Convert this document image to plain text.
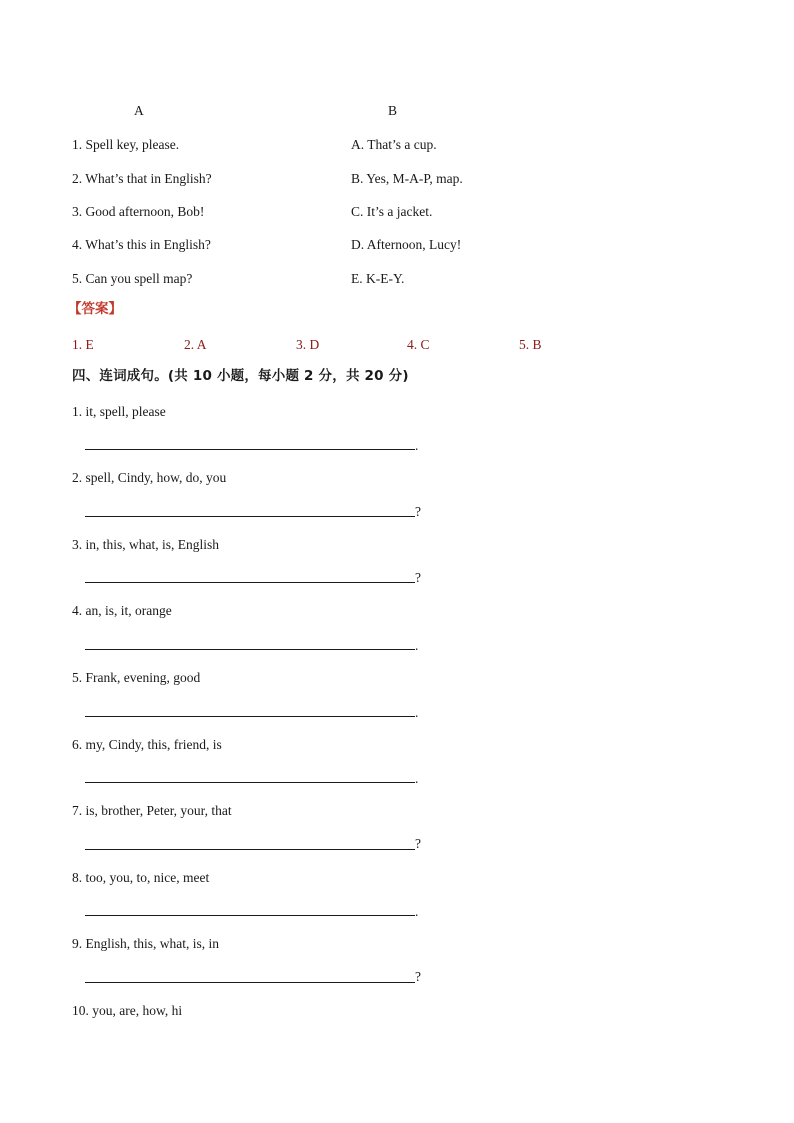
A	B
1. Spell key, please.	A. That’s a cup.
2. What’s that in English?	B. Yes, M-A-P, map.
3. Good afternoon, Bob!	C. It’s a jacket.
4. What’s this in English?	D. Afternoon, Lucy!
5. Can you spell map?	E. K-E-Y.
【答案】
1. E	2. A	3. D	4. C	5. B
四、连词成句。(共 10 小题，每小题 2 分，共 20 分)
1. it, spell, please
.
2. spell, Cindy, how, do, you
?
3. in, this, what, is, English
?
4. an, is, it, orange
.
5. Frank, evening, good
.
6. my, Cindy, this, friend, is
.
7. is, brother, Peter, your, that
?
8. too, you, to, nice, meet
.
9. English, this, what, is, in
?
10. you, are, how, hi
